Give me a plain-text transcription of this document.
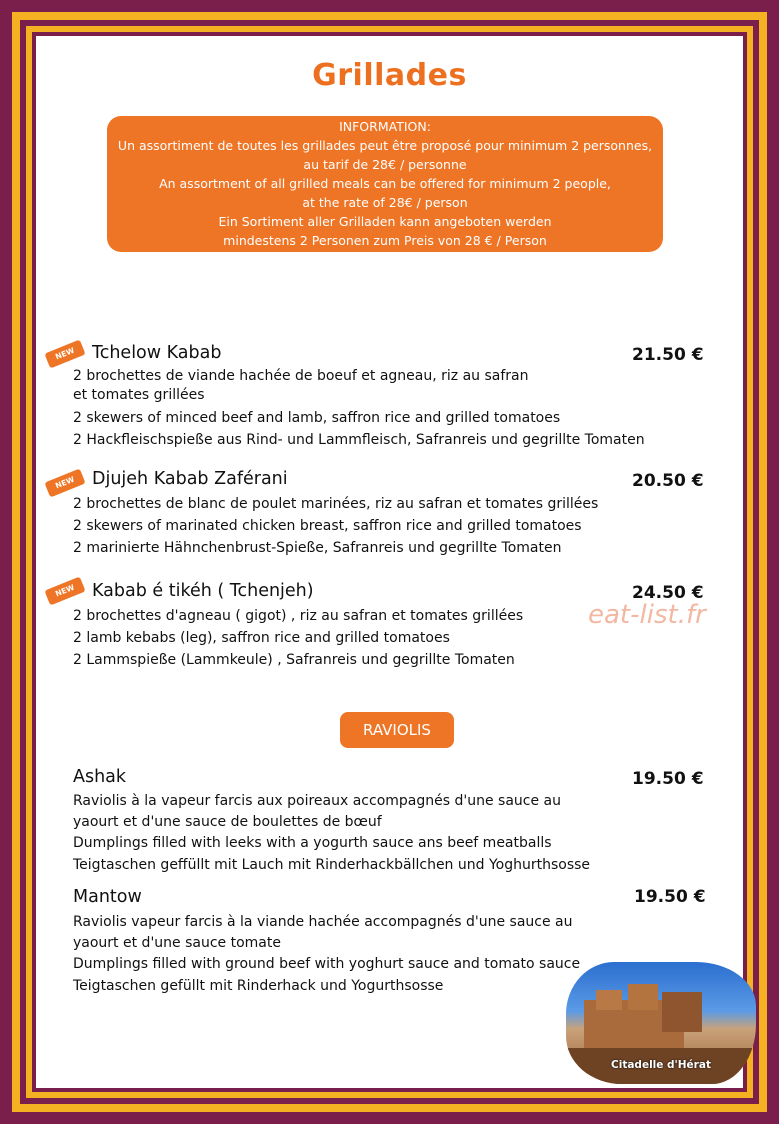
Grillades
INFORMATION:
Un assortiment de toutes les grillades peut être proposé pour minimum 2 personnes,
au tarif de 28€ / personne
An assortment of all grilled meals can be offered for minimum 2 people,
at the rate of 28€ / person
Ein Sortiment aller Grilladen kann angeboten werden
mindestens 2 Personen zum Preis von 28 € / Person
NEW Tchelow Kabab	21.50 €
2 brochettes de viande hachée de boeuf et agneau, riz au safran
et tomates grillées
2 skewers of minced beef and lamb, saffron rice and grilled tomatoes
2 Hackfleischspieße aus Rind- und Lammfleisch, Safranreis und gegrillte Tomaten
NEW Djujeh Kabab Zaférani	20.50 €
2 brochettes de blanc de poulet marinées, riz au safran et tomates grillées
2 skewers of marinated chicken breast, saffron rice and grilled tomatoes
2 marinierte Hähnchenbrust-Spieße, Safranreis und gegrillte Tomaten
NEW Kabab é tikéh ( Tchenjeh)	24.50 €
2 brochettes d'agneau ( gigot) , riz au safran et tomates grillées
2 lamb kebabs (leg), saffron rice and grilled tomatoes
2 Lammspieße (Lammkeule) , Safranreis und gegrillte Tomaten
eat-list.fr
RAVIOLIS
Ashak	19.50 €
Raviolis à la vapeur farcis aux poireaux accompagnés d'une sauce au
yaourt et d'une sauce de boulettes de bœuf
Dumplings filled with leeks with a yogurth sauce ans beef meatballs
Teigtaschen geffüllt mit Lauch mit Rinderhackbällchen und Yoghurthsosse
Mantow	19.50 €
Raviolis vapeur farcis à la viande hachée accompagnés d'une sauce au
yaourt et d'une sauce tomate
Dumplings filled with ground beef with yoghurt sauce and tomato sauce
Teigtaschen gefüllt mit Rinderhack und Yogurthsosse
Citadelle d'Hérat
